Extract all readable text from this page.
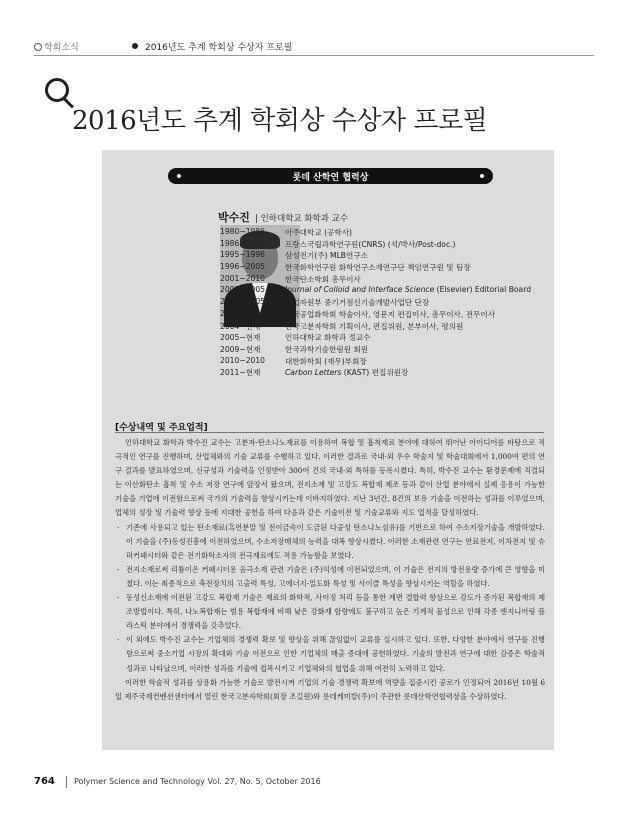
학회소식	2016년도 추계 학회상 수상자 프로필
2016년도 추계 학회상 수상자 프로필
롯데 산학연 협력상
박수진 | 인하대학교 화학과 교수
1980~1986	아주대학교 (공학사)
1986~1993	프랑스국립과학연구원(CNRS) (석/박사/Post-doc.)
1995~1996	삼성전기(주) MLB연구소
1996~2005	한국화학연구원 화학연구소재연구단 책임연구원 및 팀장
2001~2010	한국탄소학회 총무이사
2003~2005	Journal of Colloid and Interface Science (Elsevier) Editorial Board
2003~2005	산업자원부 중기거점신기술개발사업단 단장
2004~2015	한국공업화학회 학술이사, 영문지 편집이사, 총무이사, 전무이사
2004~현재	한국고분자학회 기획이사, 편집위원, 본부이사, 평의원
2005~현재	인하대학교 화학과 정교수
2009~현재	한국과학기술한림원 회원
2010~2010	대한화학회 (재무)부회장
2011~현재	Carbon Letters (KAST) 편집위원장
[수상내역 및 주요업적]

인하대학교 화학과 박수진 교수는 고분자-탄소나노재료를 이용하여 복합 및 흡착재료 분야에 대하여 뛰어난 아이디어를 바탕으로 적극적인 연구를 진행하며, 산업체와의 기술 교류를 수행하고 있다. 이러한 결과로 국내·외 우수 학술지 및 학술대회에서 1,000여 편의 연구 결과를 발표하였으며, 신규성과 기술력을 인정받아 300여 건의 국내·외 특허를 등록시켰다. 특히, 박수진 교수는 환경문제에 직결되는 이산화탄소 흡착 및 수소 저장 연구에 앞장서 왔으며, 전지소재 및 고강도 복합재 제조 등과 같이 산업 분야에서 실제 응용이 가능한 기술을 기업에 이전함으로써 국가의 기술력을 향상시키는데 이바지하였다. 지난 3년간, 8건의 보유 기술을 이전하는 성과를 이루었으며, 업체의 성장 및 기술력 향상 등에 지대한 공헌을 하여 다음과 같은 기술이전 및 기술교류와 지도 업적을 달성하였다.

- 기존에 사용되고 있는 탄소재료(흑연분말 및 전이금속이 도금된 다공성 탄소나노섬유)를 기반으로 하여 수소저장기술을 개발하였다. 이 기술을 (주)동성진흥에 이전하였으며, 수소저장매체의 능력을 대폭 향상시켰다. 이러한 소재관련 연구는 연료전지, 이차전지 및 슈퍼커패시터와 같은 전기화학소자의 전극재료에도 적용 가능함을 보였다.
- 전지소재로써 리튬이온 커패시터용 음극소재 관련 기술은 (주)익성에 이전되었으며, 이 기술은 전지의 방전용량 증가에 큰 영향을 미쳤다. 이는 최종적으로 축전장치의 고출력 특성, 고에너지-밀도화 특성 및 사이클 특성을 향상시키는 역할을 하였다.
- 동성신소재에 이전된 고강도 복합재 기술은 재료의 화학적, 사이징 처리 등을 통한 계면 결합력 향상으로 강도가 증가된 복합재의 제조방법이다. 특히, 나노복합재는 범용 복합재에 비해 낮은 강화재 함량에도 불구하고 높은 기계적 물성으로 인해 각종 엔지니어링 플라스틱 분야에서 경쟁력을 갖추었다.
- 이 외에도 박수진 교수는 기업체의 경쟁력 확보 및 향상을 위해 끊임없이 교류를 실시하고 있다. 또한, 다양한 분야에서 연구를 진행함으로써 중소기업 시장의 확대와 기술 이전으로 인한 기업체의 매출 증대에 공헌하였다. 기술의 발전과 연구에 대한 감증은 학술적 성과로 나타났으며, 이러한 성과를 기술에 접목시키고 기업체와의 협업을 위해 여전히 노력하고 있다.

이러한 학술적 성과를 상용화 가능한 기술로 발전시켜 기업의 기술 경쟁력 확보에 역량을 집중시킨 공로가 인정되어 2016년 10월 6일 제주국제컨벤션센터에서 열린 한국고분자학회(회장 조길원)와 롯데케미칼(주)이 주관한 롯데산학연협력상을 수상하였다.

764 Polymer Science and Technology Vol. 27, No. 5, October 2016
